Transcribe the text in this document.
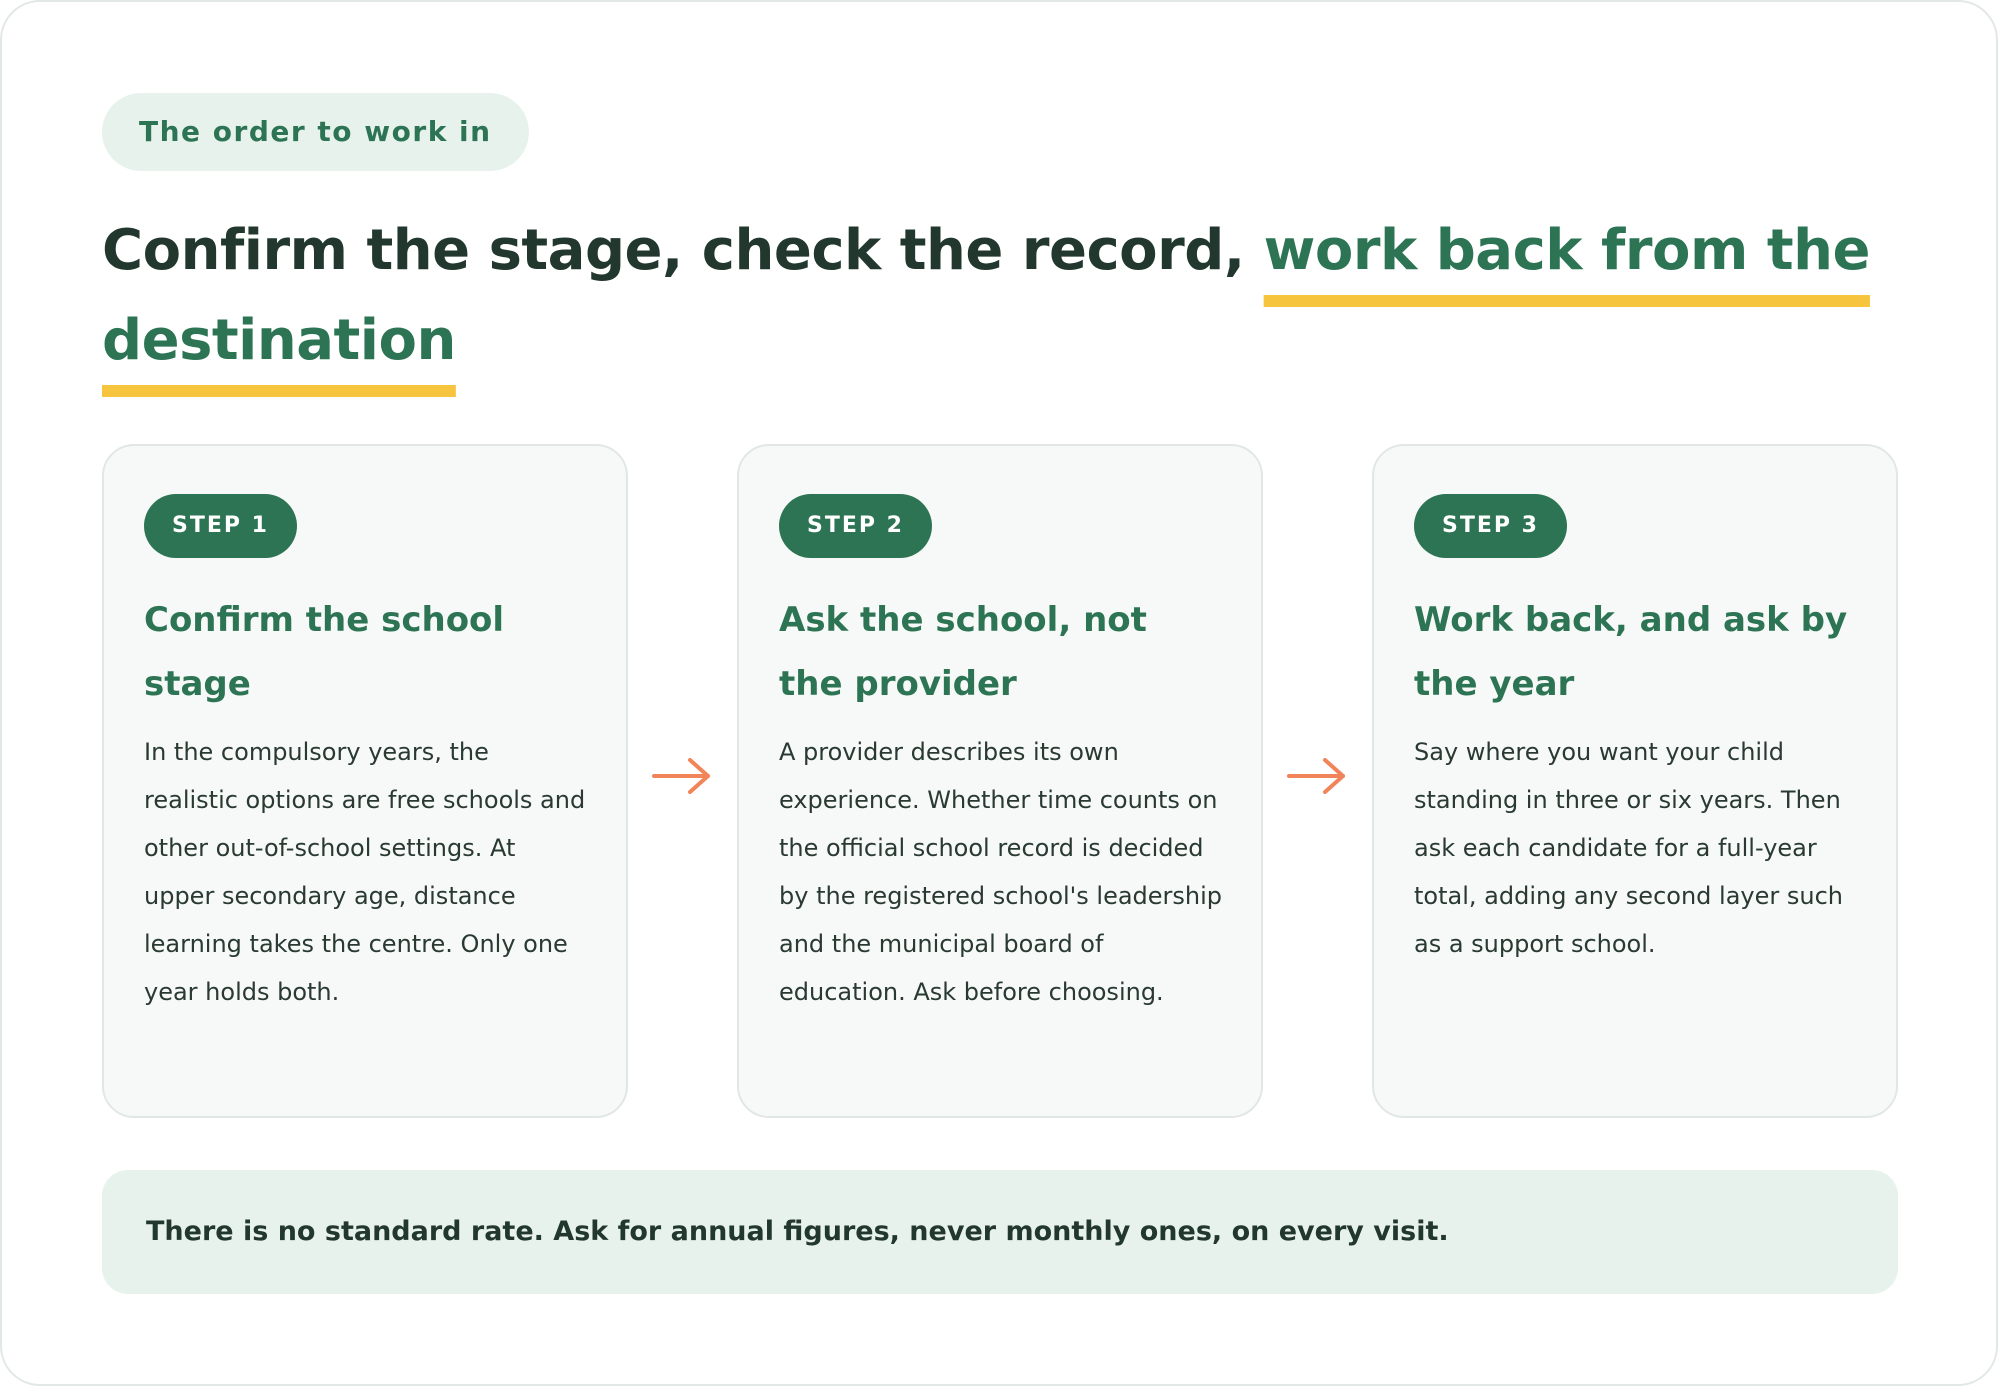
The order to work in
Confirm the stage, check the record, work back from the destination
STEP 1
Confirm the school stage

In the compulsory years, the realistic options are free schools and other out-of-school settings. At upper secondary age, distance learning takes the centre. Only one year holds both.

STEP 2
Ask the school, not the provider

A provider describes its own experience. Whether time counts on the official school record is decided by the registered school's leadership and the municipal board of education. Ask before choosing.

STEP 3
Work back, and ask by the year

Say where you want your child standing in three or six years. Then ask each candidate for a full-year total, adding any second layer such as a support school.

There is no standard rate. Ask for annual figures, never monthly ones, on every visit.
